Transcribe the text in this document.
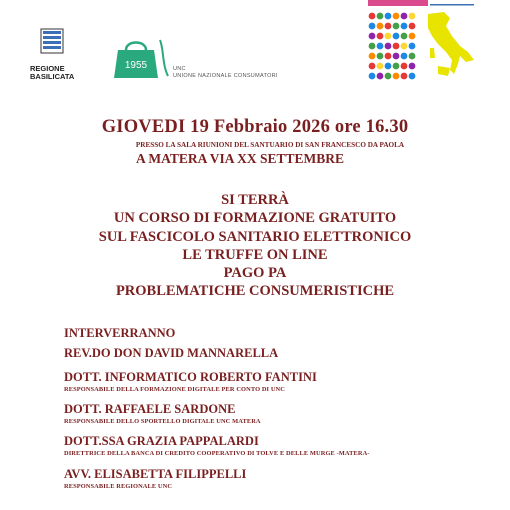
REGIONE
BASILICATA
1955	UNC
UNIONE NAZIONALE CONSUMATORI
GIOVEDI 19 Febbraio 2026 ore 16.30
PRESSO LA SALA RIUNIONI DEL SANTUARIO DI SAN FRANCESCO DA PAOLA
A MATERA VIA XX SETTEMBRE
SI TERRÀ
UN CORSO DI FORMAZIONE GRATUITO
SUL FASCICOLO SANITARIO ELETTRONICO
LE TRUFFE ON LINE
PAGO PA
PROBLEMATICHE CONSUMERISTICHE
INTERVERRANNO
REV.DO DON DAVID MANNARELLA
DOTT. INFORMATICO ROBERTO FANTINI
RESPONSABILE DELLA FORMAZIONE DIGITALE PER CONTO DI UNC
DOTT. RAFFAELE SARDONE
RESPONSABILE DELLO SPORTELLO DIGITALE UNC MATERA
DOTT.SSA GRAZIA PAPPALARDI
DIRETTRICE DELLA BANCA DI CREDITO COOPERATIVO DI TOLVE E DELLE MURGE -MATERA-
AVV. ELISABETTA FILIPPELLI
RESPONSABILE REGIONALE UNC
